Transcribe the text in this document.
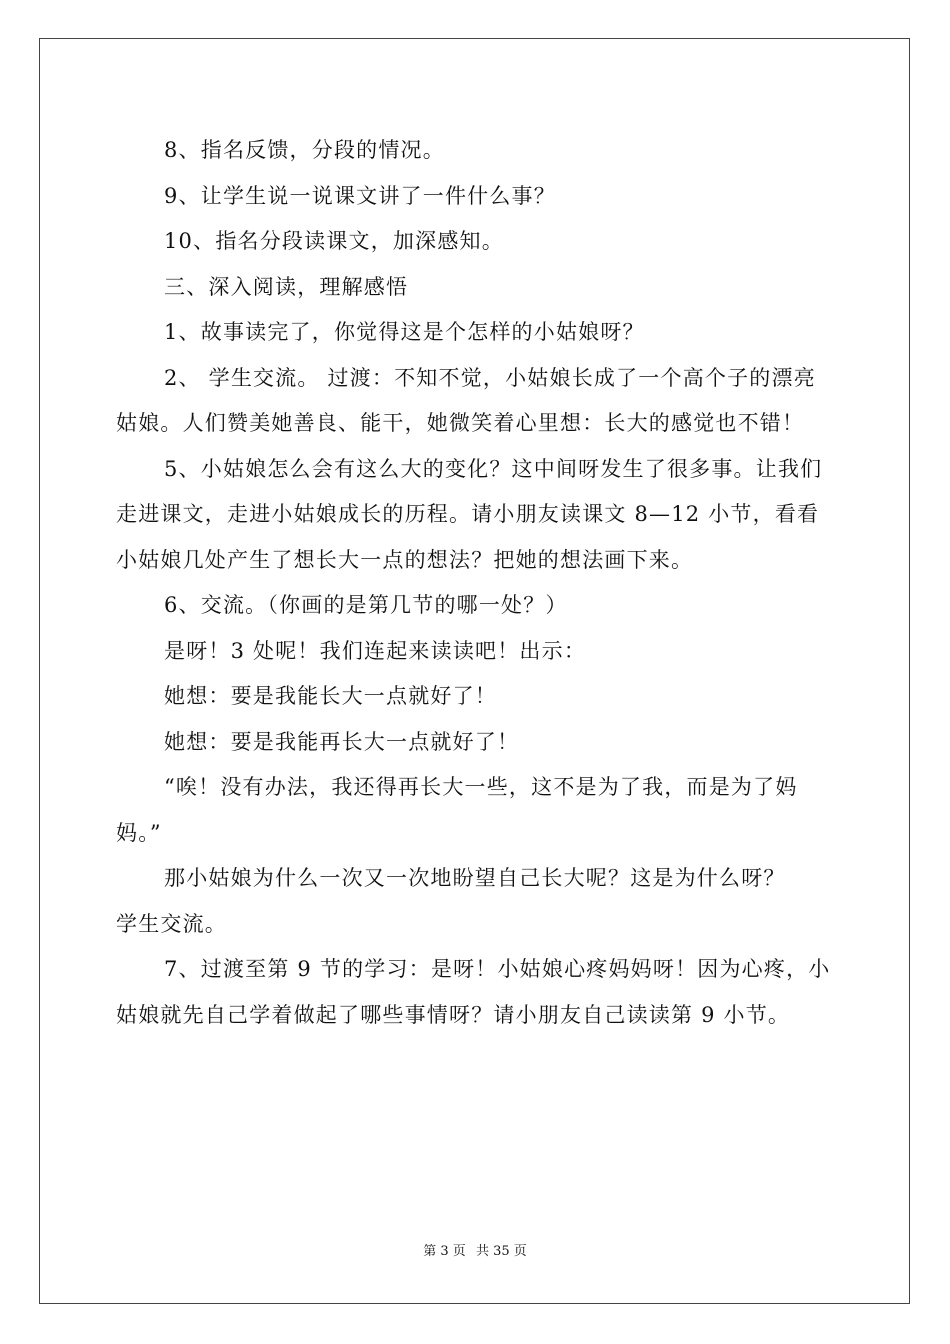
8、指名反馈，分段的情况。

9、让学生说一说课文讲了一件什么事？

10、指名分段读课文，加深感知。

三、深入阅读，理解感悟

1、故事读完了，你觉得这是个怎样的小姑娘呀？

2、 学生交流。 过渡：不知不觉，小姑娘长成了一个高个子的漂亮姑娘。人们赞美她善良、能干，她微笑着心里想：长大的感觉也不错！

5、小姑娘怎么会有这么大的变化？这中间呀发生了很多事。让我们走进课文，走进小姑娘成长的历程。请小朋友读课文 8—12 小节，看看小姑娘几处产生了想长大一点的想法？把她的想法画下来。

6、交流。（你画的是第几节的哪一处？）

是呀！3 处呢！我们连起来读读吧！出示：

她想：要是我能长大一点就好了！

她想：要是我能再长大一点就好了！

“唉！没有办法，我还得再长大一些，这不是为了我，而是为了妈妈。”

那小姑娘为什么一次又一次地盼望自己长大呢？这是为什么呀？

学生交流。

7、过渡至第 9 节的学习：是呀！小姑娘心疼妈妈呀！因为心疼，小姑娘就先自己学着做起了哪些事情呀？请小朋友自己读读第 9 小节。

第 3 页 共 35 页
